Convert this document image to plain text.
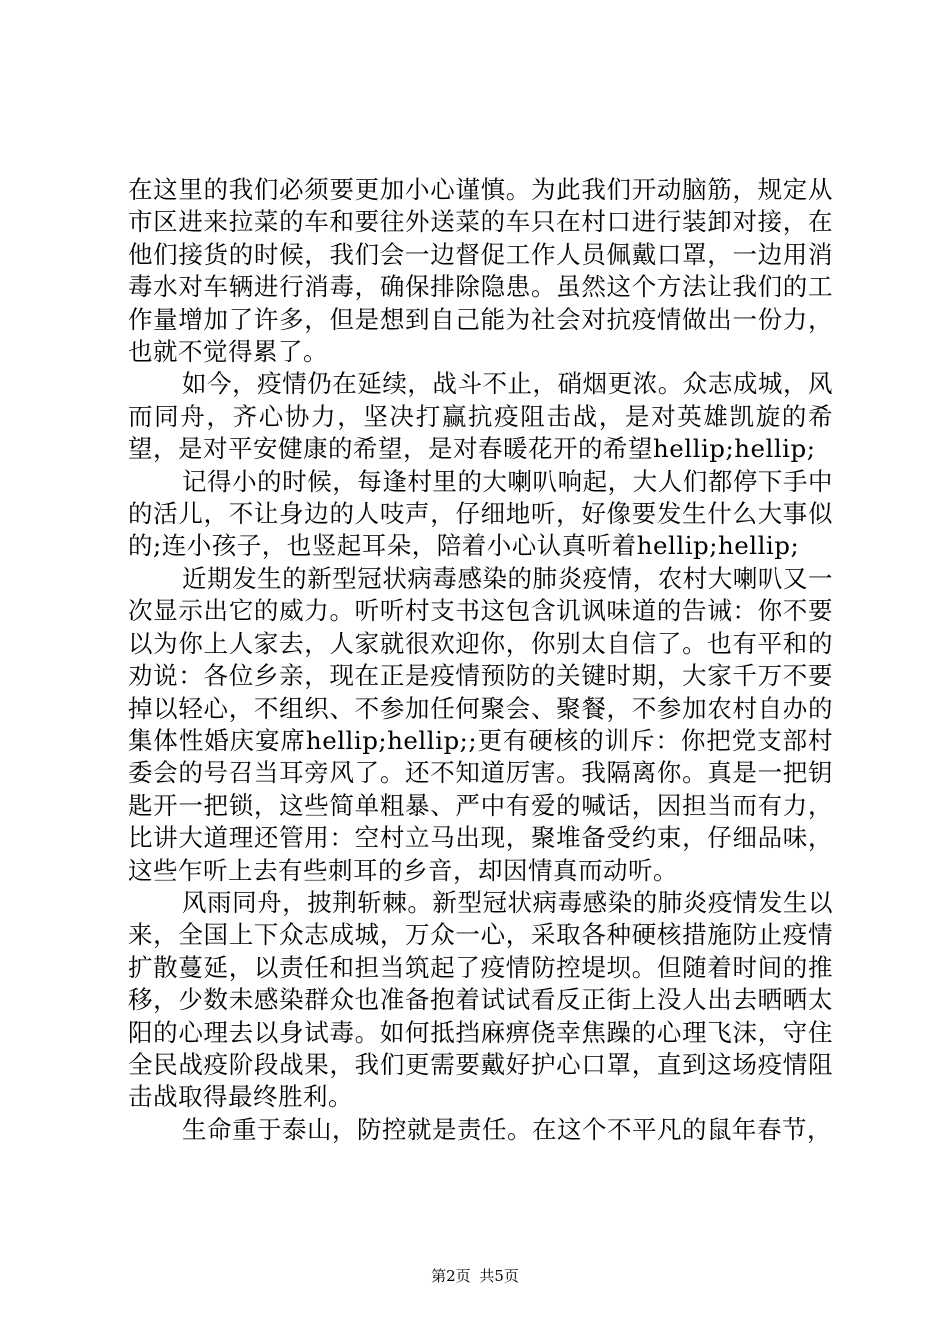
在这里的我们必须要更加小心谨慎。为此我们开动脑筋，规定从市区进来拉菜的车和要往外送菜的车只在村口进行装卸对接，在他们接货的时候，我们会一边督促工作人员佩戴口罩，一边用消毒水对车辆进行消毒，确保排除隐患。虽然这个方法让我们的工作量增加了许多，但是想到自己能为社会对抗疫情做出一份力，也就不觉得累了。

如今，疫情仍在延续，战斗不止，硝烟更浓。众志成城，风而同舟，齐心协力，坚决打赢抗疫阻击战，是对英雄凯旋的希望，是对平安健康的希望，是对春暖花开的希望hellip;hellip;

记得小的时候，每逢村里的大喇叭响起，大人们都停下手中的活儿，不让身边的人吱声，仔细地听，好像要发生什么大事似的;连小孩子，也竖起耳朵，陪着小心认真听着hellip;hellip;

近期发生的新型冠状病毒感染的肺炎疫情，农村大喇叭又一次显示出它的威力。听听村支书这包含讥讽味道的告诫：你不要以为你上人家去，人家就很欢迎你，你别太自信了。也有平和的劝说：各位乡亲，现在正是疫情预防的关键时期，大家千万不要掉以轻心，不组织、不参加任何聚会、聚餐，不参加农村自办的集体性婚庆宴席hellip;hellip;;更有硬核的训斥：你把党支部村委会的号召当耳旁风了。还不知道厉害。我隔离你。真是一把钥匙开一把锁，这些简单粗暴、严中有爱的喊话，因担当而有力，比讲大道理还管用：空村立马出现，聚堆备受约束，仔细品味，这些乍听上去有些刺耳的乡音，却因情真而动听。

风雨同舟，披荆斩棘。新型冠状病毒感染的肺炎疫情发生以来，全国上下众志成城，万众一心，采取各种硬核措施防止疫情扩散蔓延，以责任和担当筑起了疫情防控堤坝。但随着时间的推移，少数未感染群众也准备抱着试试看反正街上没人出去晒晒太阳的心理去以身试毒。如何抵挡麻痹侥幸焦躁的心理飞沫，守住全民战疫阶段战果，我们更需要戴好护心口罩，直到这场疫情阻击战取得最终胜利。

生命重于泰山，防控就是责任。在这个不平凡的鼠年春节，

第2页 共5页
